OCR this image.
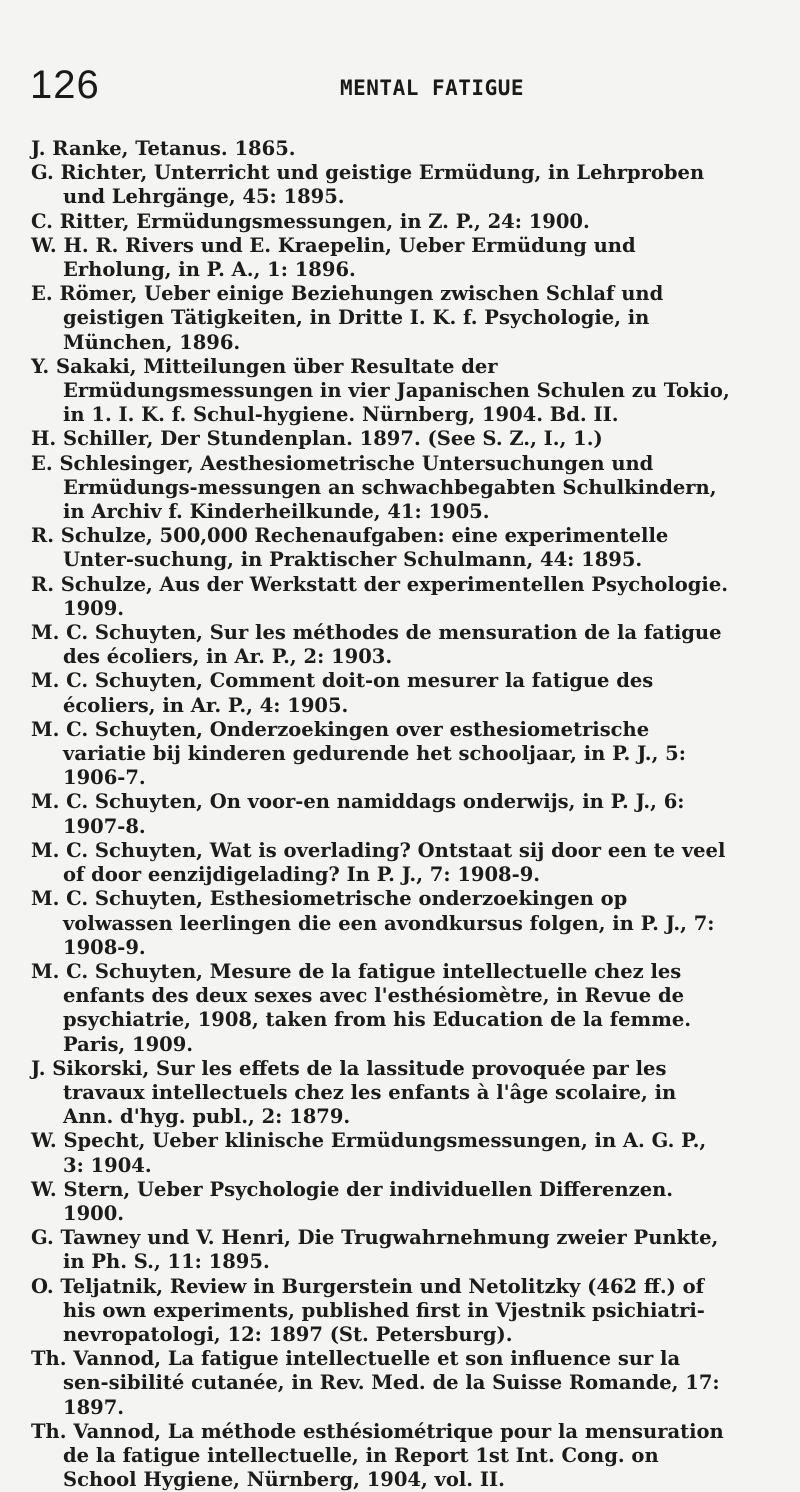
126	MENTAL FATIGUE
J. Ranke, Tetanus. 1865.
G. Richter, Unterricht und geistige Ermüdung, in Lehrproben und Lehrgänge, 45: 1895.
C. Ritter, Ermüdungsmessungen, in Z. P., 24: 1900.
W. H. R. Rivers und E. Kraepelin, Ueber Ermüdung und Erholung, in P. A., 1: 1896.
E. Römer, Ueber einige Beziehungen zwischen Schlaf und geistigen Tätigkeiten, in Dritte I. K. f. Psychologie, in München, 1896.
Y. Sakaki, Mitteilungen über Resultate der Ermüdungsmessungen in vier Japanischen Schulen zu Tokio, in 1. I. K. f. Schul-hygiene. Nürnberg, 1904. Bd. II.
H. Schiller, Der Stundenplan. 1897. (See S. Z., I., 1.)
E. Schlesinger, Aesthesiometrische Untersuchungen und Ermüdungs-messungen an schwachbegabten Schulkindern, in Archiv f. Kinderheilkunde, 41: 1905.
R. Schulze, 500,000 Rechenaufgaben: eine experimentelle Unter-suchung, in Praktischer Schulmann, 44: 1895.
R. Schulze, Aus der Werkstatt der experimentellen Psychologie. 1909.
M. C. Schuyten, Sur les méthodes de mensuration de la fatigue des écoliers, in Ar. P., 2: 1903.
M. C. Schuyten, Comment doit-on mesurer la fatigue des écoliers, in Ar. P., 4: 1905.
M. C. Schuyten, Onderzoekingen over esthesiometrische variatie bij kinderen gedurende het schooljaar, in P. J., 5: 1906-7.
M. C. Schuyten, On voor-en namiddags onderwijs, in P. J., 6: 1907-8.
M. C. Schuyten, Wat is overlading? Ontstaat sij door een te veel of door eenzijdigelading? In P. J., 7: 1908-9.
M. C. Schuyten, Esthesiometrische onderzoekingen op volwassen leerlingen die een avondkursus folgen, in P. J., 7: 1908-9.
M. C. Schuyten, Mesure de la fatigue intellectuelle chez les enfants des deux sexes avec l'esthésiomètre, in Revue de psychiatrie, 1908, taken from his Education de la femme. Paris, 1909.
J. Sikorski, Sur les effets de la lassitude provoquée par les travaux intellectuels chez les enfants à l'âge scolaire, in Ann. d'hyg. publ., 2: 1879.
W. Specht, Ueber klinische Ermüdungsmessungen, in A. G. P., 3: 1904.
W. Stern, Ueber Psychologie der individuellen Differenzen. 1900.
G. Tawney und V. Henri, Die Trugwahrnehmung zweier Punkte, in Ph. S., 11: 1895.
O. Teljatnik, Review in Burgerstein und Netolitzky (462 ff.) of his own experiments, published first in Vjestnik psichiatri-nevropatologi, 12: 1897 (St. Petersburg).
Th. Vannod, La fatigue intellectuelle et son influence sur la sen-sibilité cutanée, in Rev. Med. de la Suisse Romande, 17: 1897.
Th. Vannod, La méthode esthésiométrique pour la mensuration de la fatigue intellectuelle, in Report 1st Int. Cong. on School Hygiene, Nürnberg, 1904, vol. II.
